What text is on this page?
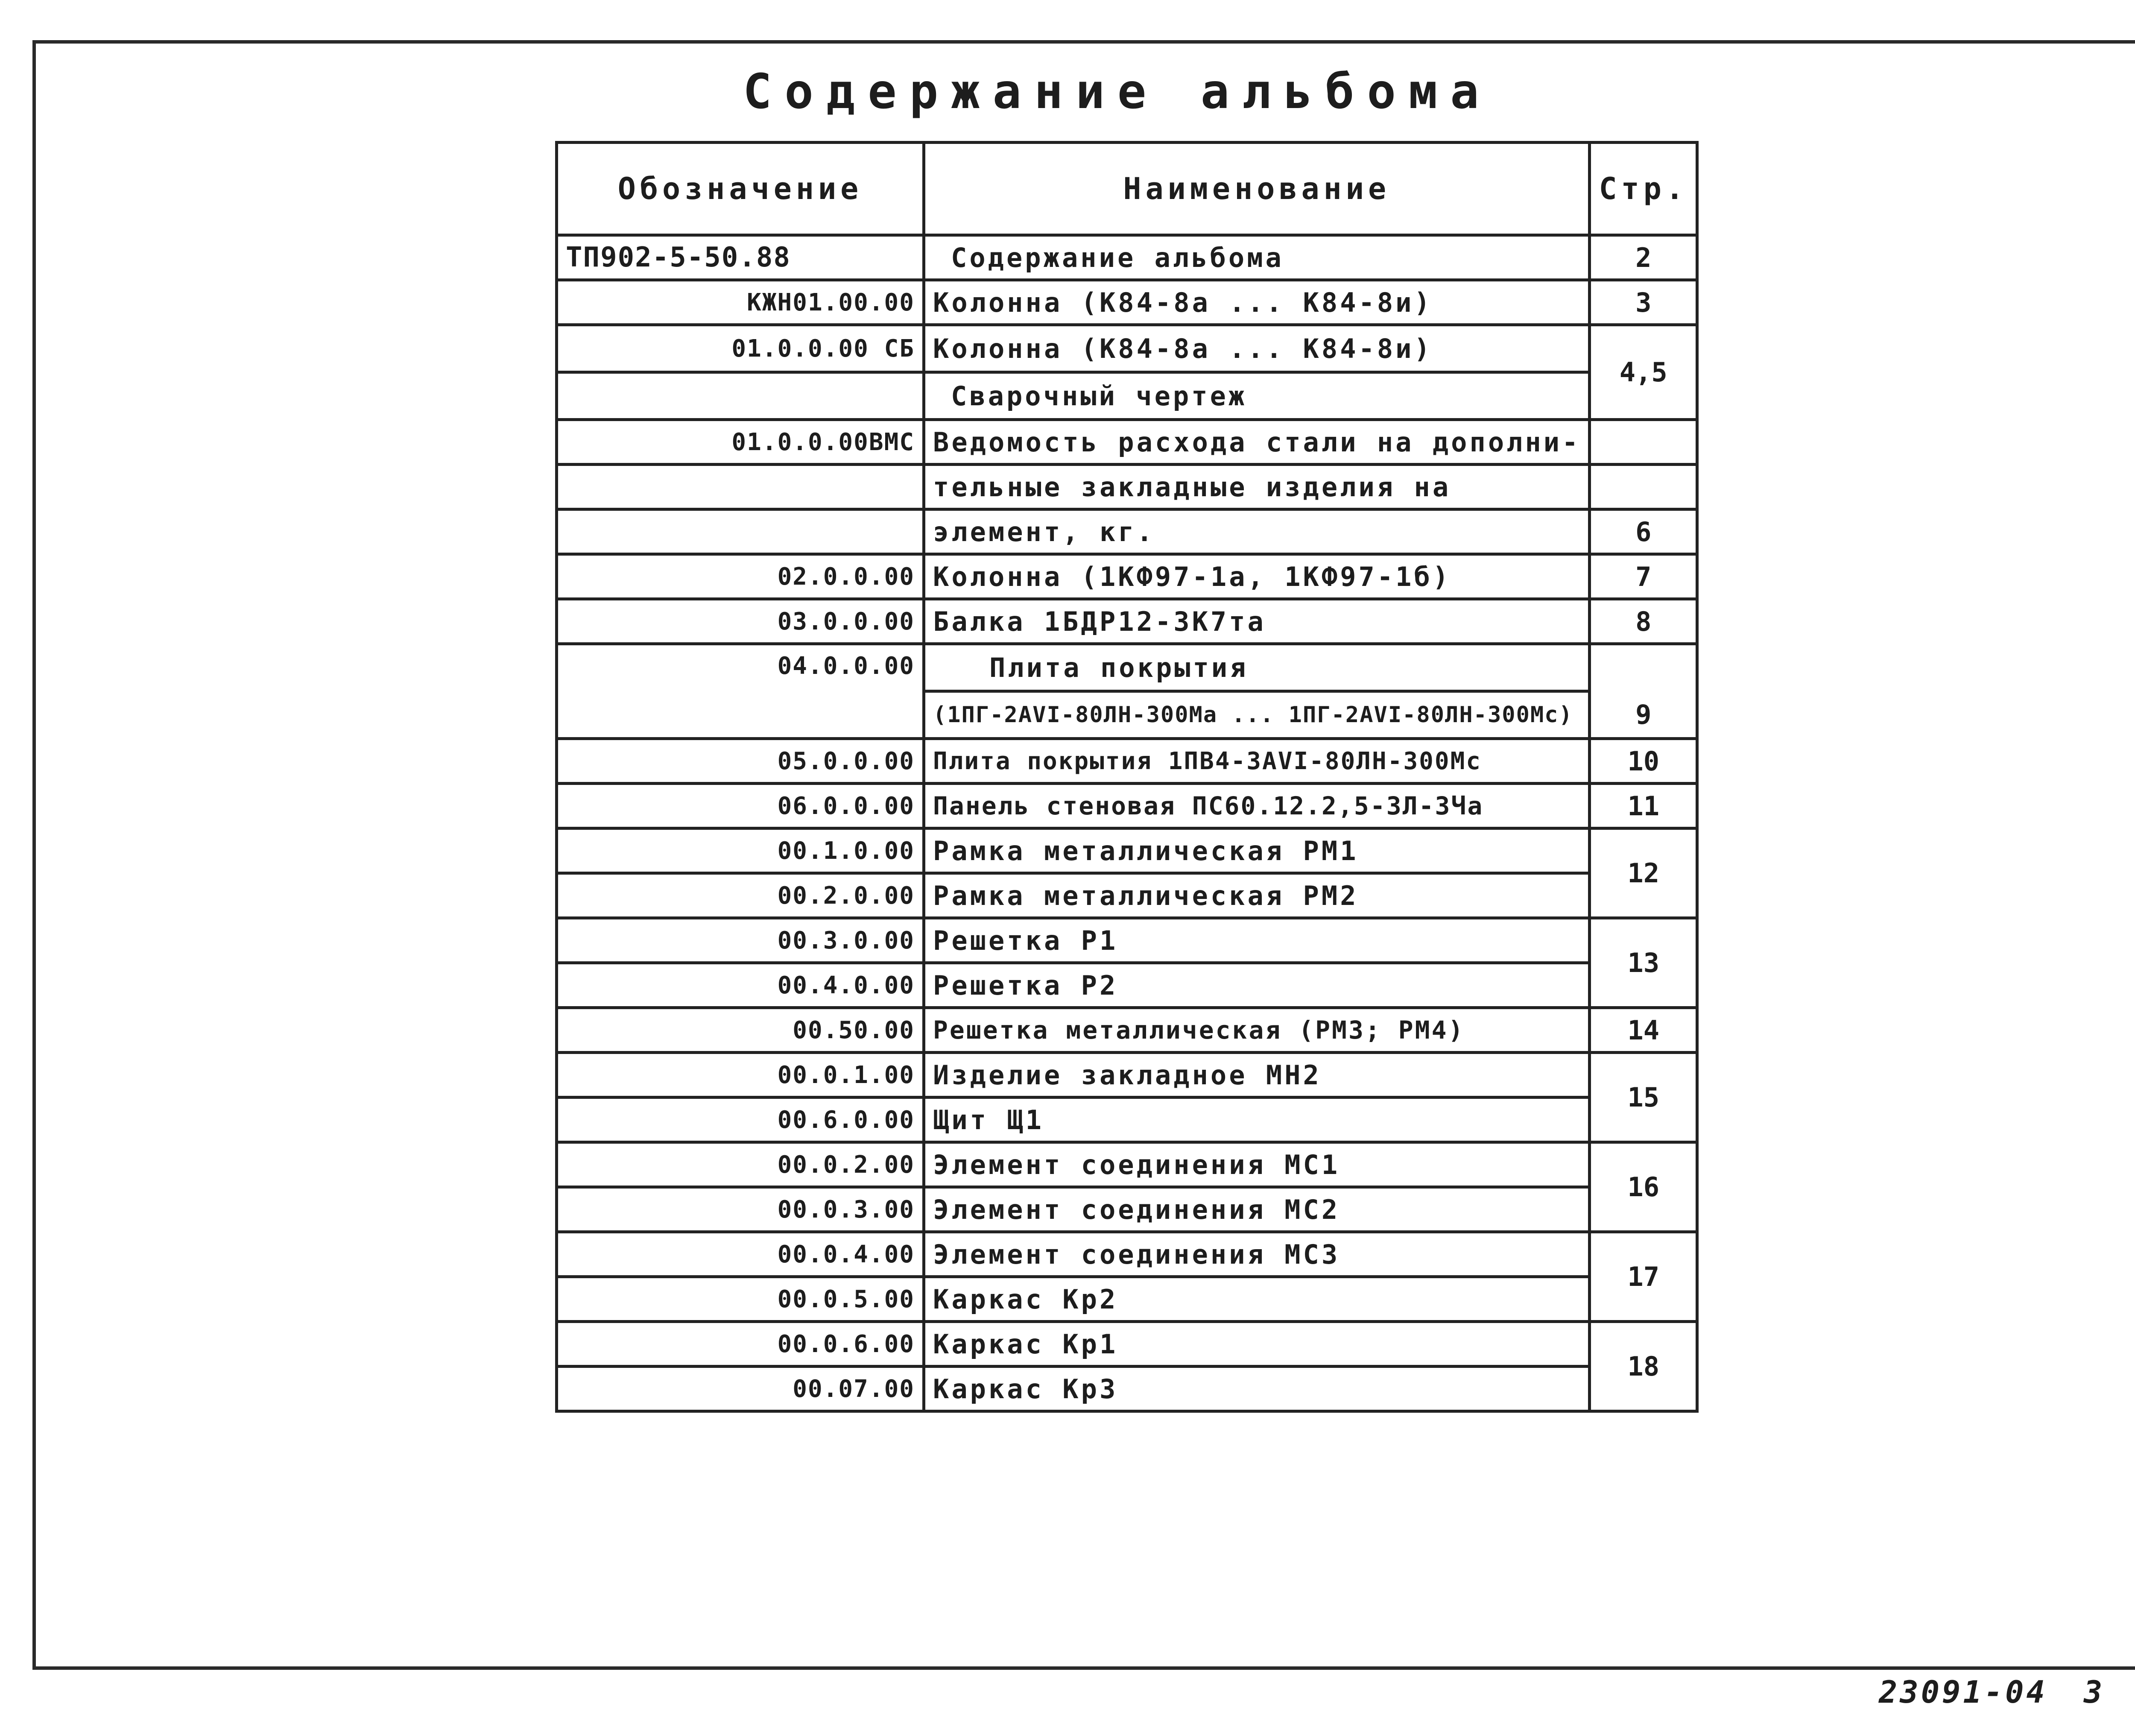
Содержание альбома
Обозначение	Наименование	Стр.
ТП902-5-50.88	Содержание альбома	2
КЖН01.00.00	Колонна (К84-8а ... К84-8и)	3
01.0.0.00 СБ	Колонна (К84-8а ... К84-8и)	4,5
	Сварочный чертеж	
01.0.0.00ВМС	Ведомость расхода стали на дополни-	
	тельные закладные изделия на	
	элемент, кг.	6
02.0.0.00	Колонна (1КФ97-1а, 1КФ97-1б)	7
03.0.0.00	Балка 1БДР12-3К7та	8
04.0.0.00	Плита покрытия	9
	(1ПГ-2АVI-80ЛН-300Ма ... 1ПГ-2АVI-80ЛН-300Мс)	
05.0.0.00	Плита покрытия 1ПВ4-3АVI-80ЛН-300Мс	10
06.0.0.00	Панель стеновая ПС60.12.2,5-3Л-3Ча	11
00.1.0.00	Рамка металлическая РМ1	12
00.2.0.00	Рамка металлическая РМ2	
00.3.0.00	Решетка Р1	13
00.4.0.00	Решетка Р2	
00.50.00	Решетка металлическая (РМ3; РМ4)	14
00.0.1.00	Изделие закладное МН2	15
00.6.0.00	Щит Щ1	
00.0.2.00	Элемент соединения МС1	16
00.0.3.00	Элемент соединения МС2	
00.0.4.00	Элемент соединения МС3	17
00.0.5.00	Каркас Кр2	
00.0.6.00	Каркас Кр1	18
00.07.00	Каркас Кр3	
23091-04 3
